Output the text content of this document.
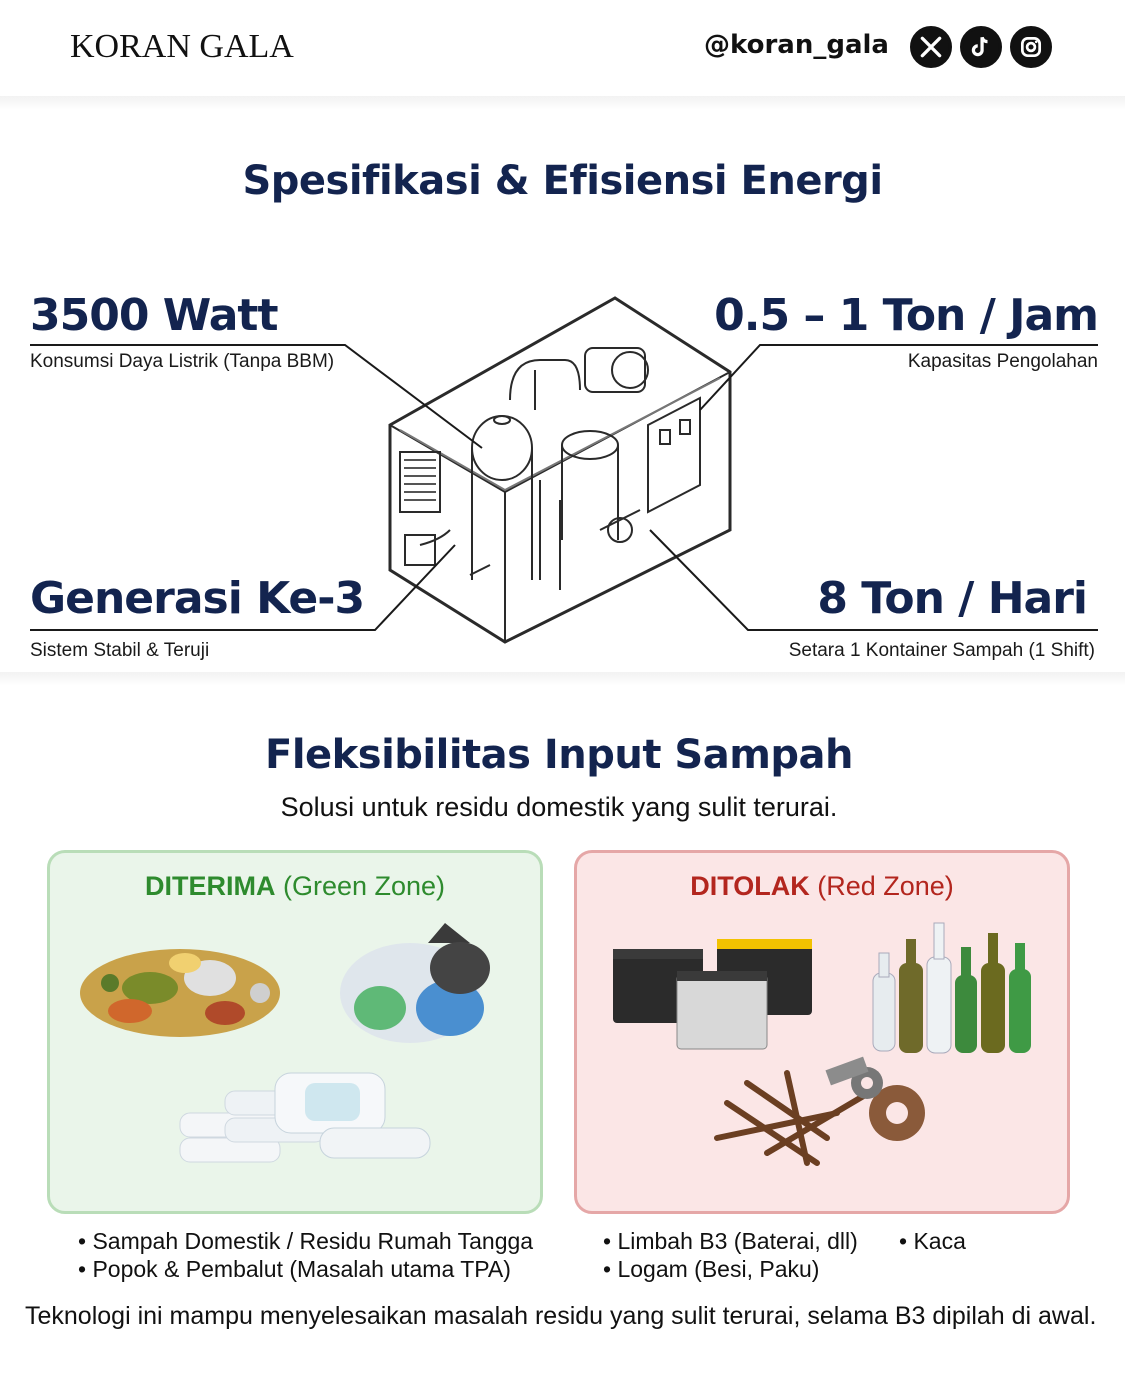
KORAN GALA	@koran_gala
Spesifikasi & Efisiensi Energi
3500 Watt
Konsumsi Daya Listrik (Tanpa BBM)
0.5 – 1 Ton / Jam
Kapasitas Pengolahan
Generasi Ke-3
Sistem Stabil & Teruji
8 Ton / Hari
Setara 1 Kontainer Sampah (1 Shift)
Fleksibilitas Input Sampah
Solusi untuk residu domestik yang sulit terurai.
DITERIMA (Green Zone)	DITOLAK (Red Zone)
• Sampah Domestik / Residu Rumah Tangga
• Popok & Pembalut (Masalah utama TPA)
• Limbah B3 (Baterai, dll)
• Logam (Besi, Paku)
• Kaca
Teknologi ini mampu menyelesaikan masalah residu yang sulit terurai, selama B3 dipilah di awal.
